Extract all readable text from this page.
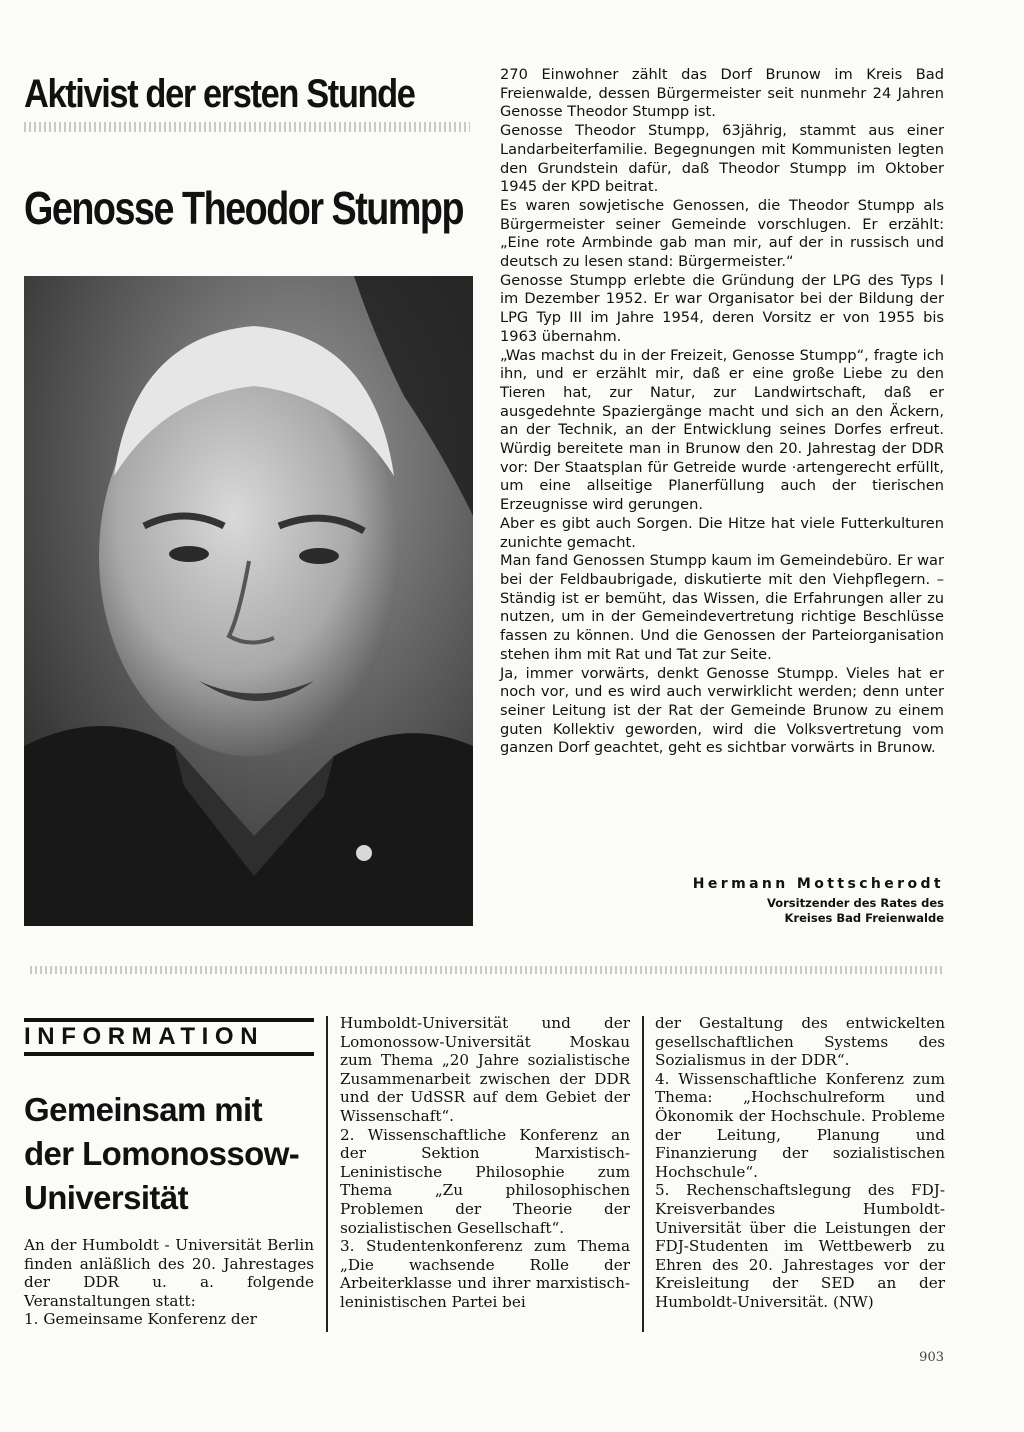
Aktivist der ersten Stunde
Genosse Theodor Stumpp

270 Einwohner zählt das Dorf Brunow im Kreis Bad Freienwalde, dessen Bürgermeister seit nunmehr 24 Jahren Genosse Theodor Stumpp ist.

Genosse Theodor Stumpp, 63jährig, stammt aus einer Landarbeiterfamilie. Begegnungen mit Kommunisten legten den Grundstein dafür, daß Theodor Stumpp im Oktober 1945 der KPD beitrat.

Es waren sowjetische Genossen, die Theodor Stumpp als Bürgermeister seiner Gemeinde vorschlugen. Er erzählt: „Eine rote Armbinde gab man mir, auf der in russisch und deutsch zu lesen stand: Bürgermeister.“

Genosse Stumpp erlebte die Gründung der LPG des Typs I im Dezember 1952. Er war Organisator bei der Bildung der LPG Typ III im Jahre 1954, deren Vorsitz er von 1955 bis 1963 übernahm.

„Was machst du in der Freizeit, Genosse Stumpp“, fragte ich ihn, und er erzählt mir, daß er eine große Liebe zu den Tieren hat, zur Natur, zur Landwirtschaft, daß er ausgedehnte Spaziergänge macht und sich an den Äckern, an der Technik, an der Entwicklung seines Dorfes erfreut. Würdig bereitete man in Brunow den 20. Jahrestag der DDR vor: Der Staatsplan für Getreide wurde ·artengerecht erfüllt, um eine allseitige Planerfüllung auch der tierischen Erzeugnisse wird gerungen.

Aber es gibt auch Sorgen. Die Hitze hat viele Futterkulturen zunichte gemacht.

Man fand Genossen Stumpp kaum im Gemeindebüro. Er war bei der Feldbaubrigade, diskutierte mit den Viehpflegern. – Ständig ist er bemüht, das Wissen, die Erfahrungen aller zu nutzen, um in der Gemeindevertretung richtige Beschlüsse fassen zu können. Und die Genossen der Parteiorganisation stehen ihm mit Rat und Tat zur Seite.

Ja, immer vorwärts, denkt Genosse Stumpp. Vieles hat er noch vor, und es wird auch verwirklicht werden; denn unter seiner Leitung ist der Rat der Gemeinde Brunow zu einem guten Kollektiv geworden, wird die Volksvertretung vom ganzen Dorf geachtet, geht es sichtbar vorwärts in Brunow.

Hermann Mottscherodt
Vorsitzender des Rates des
Kreises Bad Freienwalde
INFORMATION
Gemeinsam mit
der Lomonossow-
Universität

An der Humboldt - Universität Berlin finden anläßlich des 20. Jahrestages der DDR u. a. folgende Veranstaltungen statt:

1. Gemeinsame Konferenz der

Humboldt-Universität und der Lomonossow-Universität Moskau zum Thema „20 Jahre sozialistische Zusammenarbeit zwischen der DDR und der UdSSR auf dem Gebiet der Wissenschaft“.

2. Wissenschaftliche Konferenz an der Sektion Marxistisch-Leninistische Philosophie zum Thema „Zu philosophischen Problemen der Theorie der sozialistischen Gesellschaft“.

3. Studentenkonferenz zum Thema „Die wachsende Rolle der Arbeiterklasse und ihrer marxistisch-leninistischen Partei bei

der Gestaltung des entwickelten gesellschaftlichen Systems des Sozialismus in der DDR“.

4. Wissenschaftliche Konferenz zum Thema: „Hochschulreform und Ökonomik der Hochschule. Probleme der Leitung, Planung und Finanzierung der sozialistischen Hochschule“.

5. Rechenschaftslegung des FDJ-Kreisverbandes Humboldt-Universität über die Leistungen der FDJ-Studenten im Wettbewerb zu Ehren des 20. Jahrestages vor der Kreisleitung der SED an der Humboldt-Universität. (NW)

903
